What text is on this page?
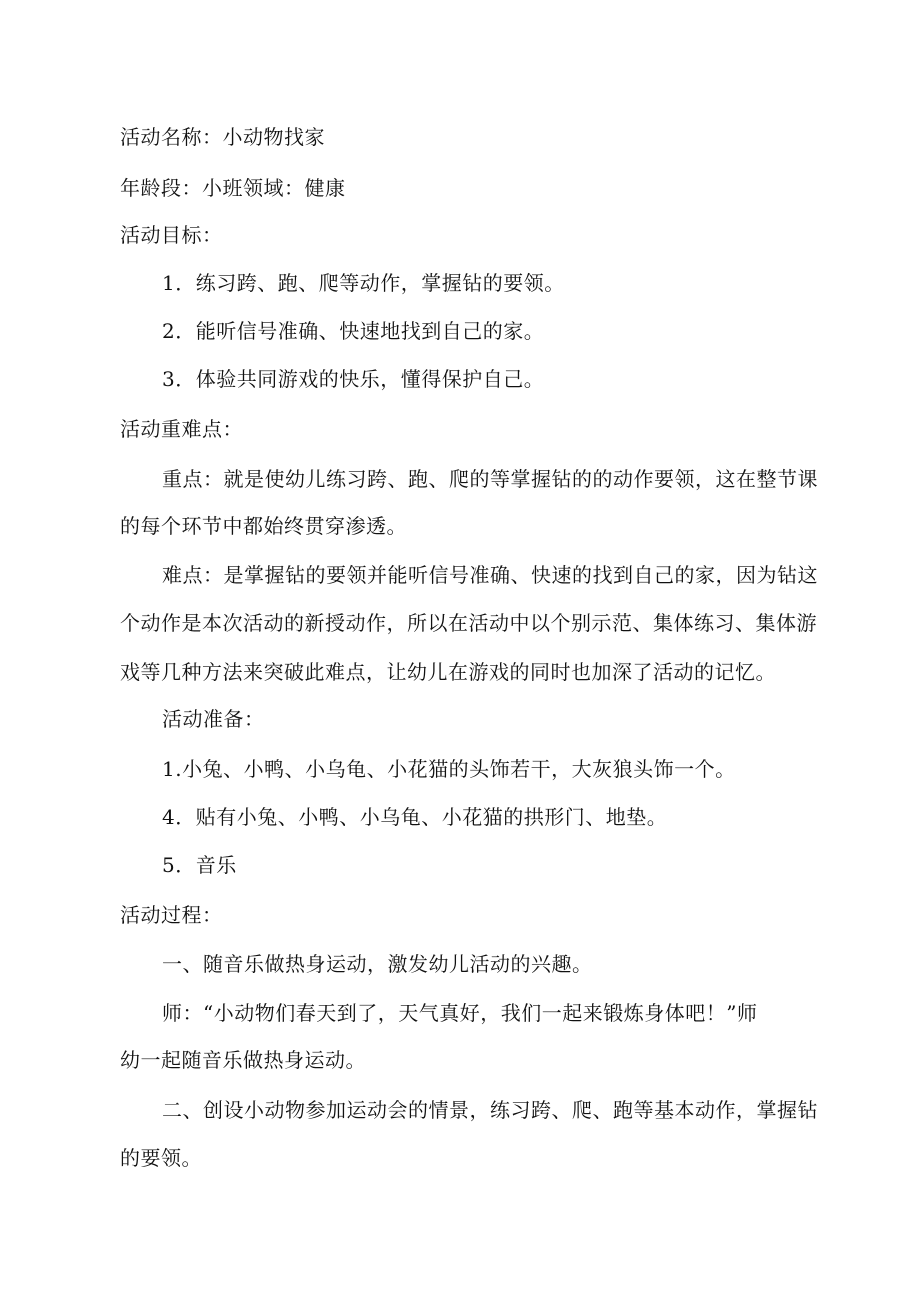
活动名称：小动物找家
年龄段：小班领域：健康
活动目标：
1．练习跨、跑、爬等动作，掌握钻的要领。
2．能听信号准确、快速地找到自己的家。
3．体验共同游戏的快乐，懂得保护自己。
活动重难点：
重点：就是使幼儿练习跨、跑、爬的等掌握钻的的动作要领，这在整节课
的每个环节中都始终贯穿渗透。
难点：是掌握钻的要领并能听信号准确、快速的找到自己的家，因为钻这
个动作是本次活动的新授动作，所以在活动中以个别示范、集体练习、集体游
戏等几种方法来突破此难点，让幼儿在游戏的同时也加深了活动的记忆。
活动准备：
1.小兔、小鸭、小乌龟、小花猫的头饰若干，大灰狼头饰一个。
4．贴有小兔、小鸭、小乌龟、小花猫的拱形门、地垫。
5．音乐
活动过程：
一、随音乐做热身运动，激发幼儿活动的兴趣。
师：“小动物们春天到了，天气真好，我们一起来锻炼身体吧！”师
幼一起随音乐做热身运动。
二、创设小动物参加运动会的情景，练习跨、爬、跑等基本动作，掌握钻
的要领。
